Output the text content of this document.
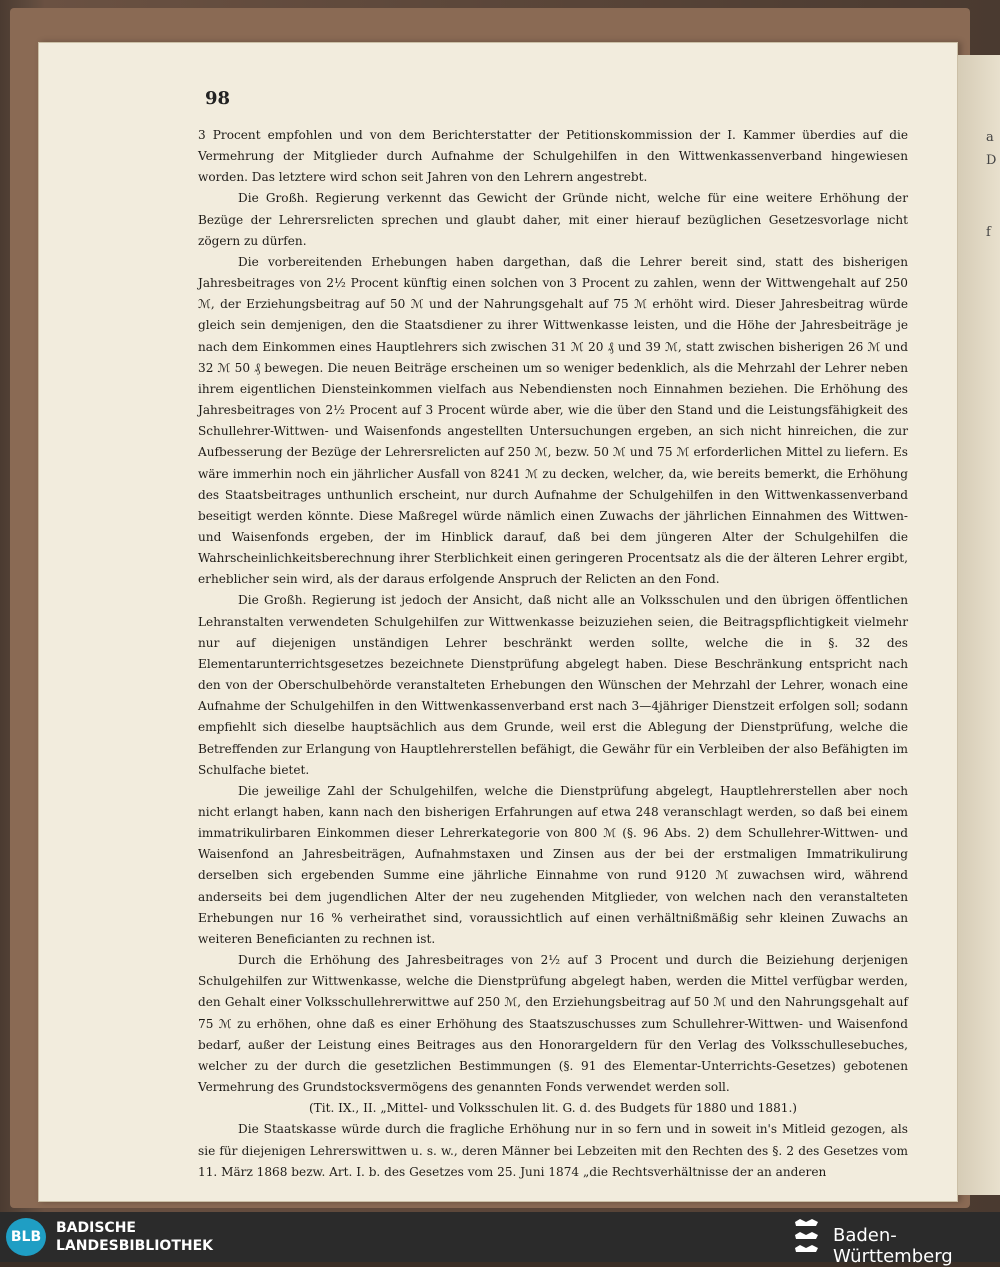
a
D
f
98

3 Procent empfohlen und von dem Berichterstatter der Petitionskommission der I. Kammer überdies auf die Vermehrung der Mitglieder durch Aufnahme der Schulgehilfen in den Wittwenkassenverband hingewiesen worden. Das letztere wird schon seit Jahren von den Lehrern angestrebt.

Die Großh. Regierung verkennt das Gewicht der Gründe nicht, welche für eine weitere Erhöhung der Bezüge der Lehrersrelicten sprechen und glaubt daher, mit einer hierauf bezüglichen Gesetzesvorlage nicht zögern zu dürfen.

Die vorbereitenden Erhebungen haben dargethan, daß die Lehrer bereit sind, statt des bisherigen Jahresbeitrages von 2½ Procent künftig einen solchen von 3 Procent zu zahlen, wenn der Wittwengehalt auf 250 ℳ, der Erziehungsbeitrag auf 50 ℳ und der Nahrungsgehalt auf 75 ℳ erhöht wird. Dieser Jahresbeitrag würde gleich sein demjenigen, den die Staatsdiener zu ihrer Wittwenkasse leisten, und die Höhe der Jahresbeiträge je nach dem Einkommen eines Hauptlehrers sich zwischen 31 ℳ 20 ₰ und 39 ℳ, statt zwischen bisherigen 26 ℳ und 32 ℳ 50 ₰ bewegen. Die neuen Beiträge erscheinen um so weniger bedenklich, als die Mehrzahl der Lehrer neben ihrem eigentlichen Diensteinkommen vielfach aus Nebendiensten noch Einnahmen beziehen. Die Erhöhung des Jahresbeitrages von 2½ Procent auf 3 Procent würde aber, wie die über den Stand und die Leistungsfähigkeit des Schullehrer-Wittwen- und Waisenfonds angestellten Untersuchungen ergeben, an sich nicht hinreichen, die zur Aufbesserung der Bezüge der Lehrersrelicten auf 250 ℳ, bezw. 50 ℳ und 75 ℳ erforderlichen Mittel zu liefern. Es wäre immerhin noch ein jährlicher Ausfall von 8241 ℳ zu decken, welcher, da, wie bereits bemerkt, die Erhöhung des Staatsbeitrages unthunlich erscheint, nur durch Aufnahme der Schulgehilfen in den Wittwenkassenverband beseitigt werden könnte. Diese Maßregel würde nämlich einen Zuwachs der jährlichen Einnahmen des Wittwen- und Waisenfonds ergeben, der im Hinblick darauf, daß bei dem jüngeren Alter der Schulgehilfen die Wahrscheinlichkeitsberechnung ihrer Sterblichkeit einen geringeren Procentsatz als die der älteren Lehrer ergibt, erheblicher sein wird, als der daraus erfolgende Anspruch der Relicten an den Fond.

Die Großh. Regierung ist jedoch der Ansicht, daß nicht alle an Volksschulen und den übrigen öffentlichen Lehranstalten verwendeten Schulgehilfen zur Wittwenkasse beizuziehen seien, die Beitragspflichtigkeit vielmehr nur auf diejenigen unständigen Lehrer beschränkt werden sollte, welche die in §. 32 des Elementarunterrichtsgesetzes bezeichnete Dienstprüfung abgelegt haben. Diese Beschränkung entspricht nach den von der Oberschulbehörde veranstalteten Erhebungen den Wünschen der Mehrzahl der Lehrer, wonach eine Aufnahme der Schulgehilfen in den Wittwenkassenverband erst nach 3—4jähriger Dienstzeit erfolgen soll; sodann empfiehlt sich dieselbe hauptsächlich aus dem Grunde, weil erst die Ablegung der Dienstprüfung, welche die Betreffenden zur Erlangung von Hauptlehrerstellen befähigt, die Gewähr für ein Verbleiben der also Befähigten im Schulfache bietet.

Die jeweilige Zahl der Schulgehilfen, welche die Dienstprüfung abgelegt, Hauptlehrerstellen aber noch nicht erlangt haben, kann nach den bisherigen Erfahrungen auf etwa 248 veranschlagt werden, so daß bei einem immatrikulirbaren Einkommen dieser Lehrerkategorie von 800 ℳ (§. 96 Abs. 2) dem Schullehrer-Wittwen- und Waisenfond an Jahresbeiträgen, Aufnahmstaxen und Zinsen aus der bei der erstmaligen Immatrikulirung derselben sich ergebenden Summe eine jährliche Einnahme von rund 9120 ℳ zuwachsen wird, während anderseits bei dem jugendlichen Alter der neu zugehenden Mitglieder, von welchen nach den veranstalteten Erhebungen nur 16 % verheirathet sind, voraussichtlich auf einen verhältnißmäßig sehr kleinen Zuwachs an weiteren Beneficianten zu rechnen ist.

Durch die Erhöhung des Jahresbeitrages von 2½ auf 3 Procent und durch die Beiziehung derjenigen Schulgehilfen zur Wittwenkasse, welche die Dienstprüfung abgelegt haben, werden die Mittel verfügbar werden, den Gehalt einer Volksschullehrerwittwe auf 250 ℳ, den Erziehungsbeitrag auf 50 ℳ und den Nahrungsgehalt auf 75 ℳ zu erhöhen, ohne daß es einer Erhöhung des Staatszuschusses zum Schullehrer-Wittwen- und Waisenfond bedarf, außer der Leistung eines Beitrages aus den Honorargeldern für den Verlag des Volksschullesebuches, welcher zu der durch die gesetzlichen Bestimmungen (§. 91 des Elementar-Unterrichts-Gesetzes) gebotenen Vermehrung des Grundstocksvermögens des genannten Fonds verwendet werden soll.

(Tit. IX., II. „Mittel- und Volksschulen lit. G. d. des Budgets für 1880 und 1881.)

Die Staatskasse würde durch die fragliche Erhöhung nur in so fern und in soweit in's Mitleid gezogen, als sie für diejenigen Lehrerswittwen u. s. w., deren Männer bei Lebzeiten mit den Rechten des §. 2 des Gesetzes vom 11. März 1868 bezw. Art. I. b. des Gesetzes vom 25. Juni 1874 „die Rechtsverhältnisse der an anderen

BLB
BADISCHE
LANDESBIBLIOTHEK	Baden-Württemberg
